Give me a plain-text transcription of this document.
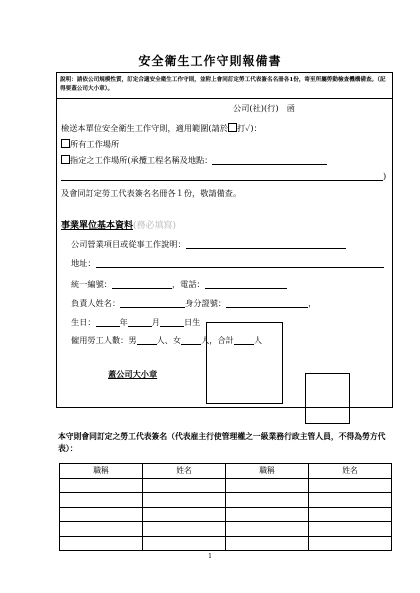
安全衛生工作守則報備書
說明：請依公司規模性質，訂定合適安全衛生工作守則，並附上會同訂定勞工代表簽名名冊各1份，寄至所屬勞動檢查機構備查。（記得要蓋公司大小章）。
公司(社)(行)　函
檢送本單位安全衛生工作守則，適用範圍(請於 打✓)：
所有工作場所
指定之工作場所(承攬工程名稱及地點：
)
及會同訂定勞工代表簽名名冊各１份，敬請備查。
事業單位基本資料(務必填寫)
公司營業項目或從事工作說明：
地址：
統一編號：	，電話：
負責人姓名：	身分證號：	，
生日：	年	月	日生
僱用勞工人數：男 人、女 人，合計 人
蓋公司大小章
本守則會同訂定之勞工代表簽名（代表雇主行使管理權之一級業務行政主管人員，不得為勞方代表）：
職稱	姓名	職稱	姓名

1
